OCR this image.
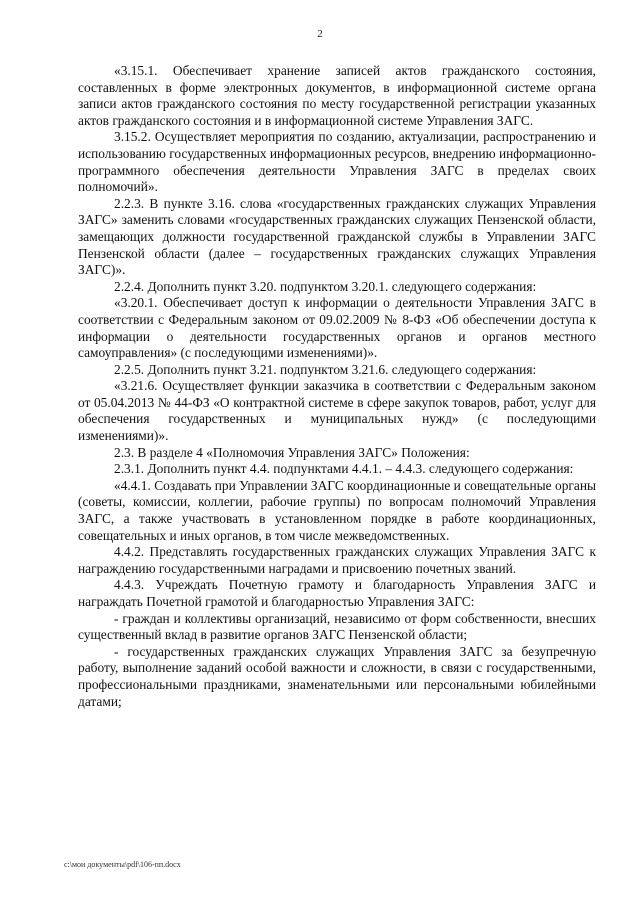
2

«3.15.1. Обеспечивает хранение записей актов гражданского состояния, составленных в форме электронных документов, в информационной системе органа записи актов гражданского состояния по месту государственной регистрации указанных актов гражданского состояния и в информационной системе Управления ЗАГС.

3.15.2. Осуществляет мероприятия по созданию, актуализации, распространению и использованию государственных информационных ресурсов, внедрению информационно-программного обеспечения деятельности Управления ЗАГС в пределах своих полномочий».

2.2.3. В пункте 3.16. слова «государственных гражданских служащих Управления ЗАГС» заменить словами «государственных гражданских служащих Пензенской области, замещающих должности государственной гражданской службы в Управлении ЗАГС Пензенской области (далее – государственных гражданских служащих Управления ЗАГС)».

2.2.4. Дополнить пункт 3.20. подпунктом 3.20.1. следующего содержания:

«3.20.1. Обеспечивает доступ к информации о деятельности Управления ЗАГС в соответствии с Федеральным законом от 09.02.2009 № 8-ФЗ «Об обеспечении доступа к информации о деятельности государственных органов и органов местного самоуправления» (с последующими изменениями)».

2.2.5. Дополнить пункт 3.21. подпунктом 3.21.6. следующего содержания:

«3.21.6. Осуществляет функции заказчика в соответствии с Федеральным законом от 05.04.2013 № 44-ФЗ «О контрактной системе в сфере закупок товаров, работ, услуг для обеспечения государственных и муниципальных нужд» (с последующими изменениями)».

2.3. В разделе 4 «Полномочия Управления ЗАГС» Положения:

2.3.1. Дополнить пункт 4.4. подпунктами 4.4.1. – 4.4.3. следующего содержания:

«4.4.1. Создавать при Управлении ЗАГС координационные и совещательные органы (советы, комиссии, коллегии, рабочие группы) по вопросам полномочий Управления ЗАГС, а также участвовать в установленном порядке в работе координационных, совещательных и иных органов, в том числе межведомственных.

4.4.2. Представлять государственных гражданских служащих Управления ЗАГС к награждению государственными наградами и присвоению почетных званий.

4.4.3. Учреждать Почетную грамоту и благодарность Управления ЗАГС и награждать Почетной грамотой и благодарностью Управления ЗАГС:

- граждан и коллективы организаций, независимо от форм собственности, внесших существенный вклад в развитие органов ЗАГС Пензенской области;

- государственных гражданских служащих Управления ЗАГС за безупречную работу, выполнение заданий особой важности и сложности, в связи с государственными, профессиональными праздниками, знаменательными или персональными юбилейными датами;

c:\мои документы\pdf\106-пп.docx
